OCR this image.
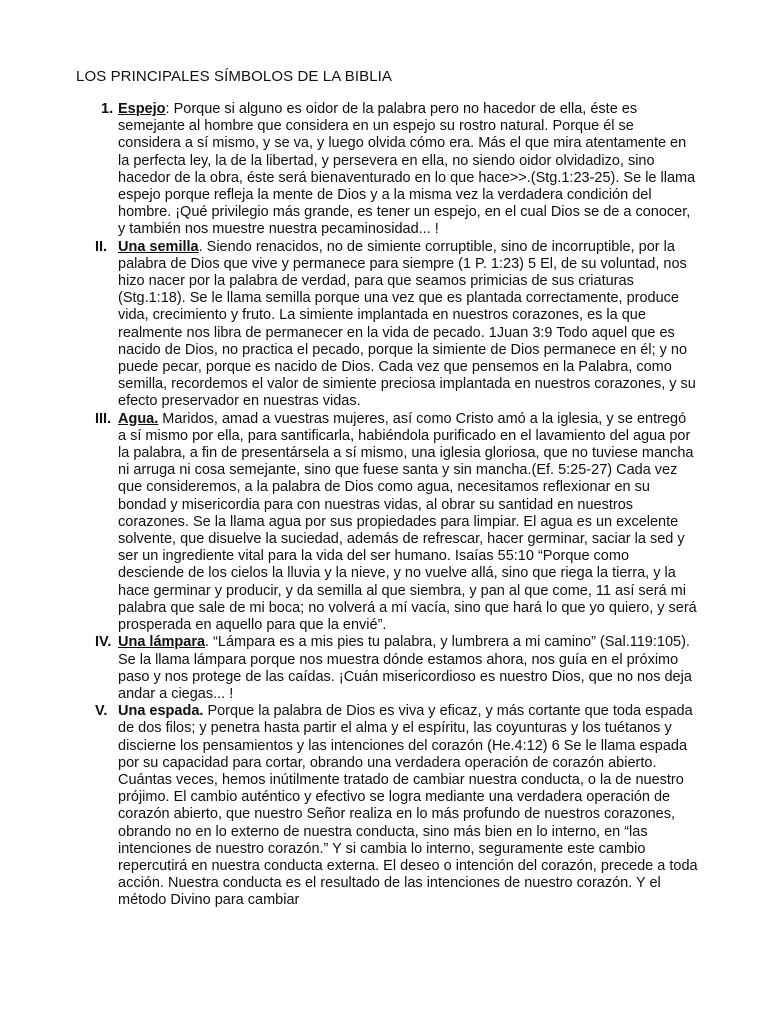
LOS PRINCIPALES SÍMBOLOS DE LA BIBLIA
1. Espejo: Porque si alguno es oidor de la palabra pero no hacedor de ella, éste es semejante al hombre que considera en un espejo su rostro natural. Porque él se considera a sí mismo, y se va, y luego olvida cómo era. Más el que mira atentamente en la perfecta ley, la de la libertad, y persevera en ella, no siendo oidor olvidadizo, sino hacedor de la obra, éste será bienaventurado en lo que hace>>.(Stg.1:23-25). Se le llama espejo porque refleja la mente de Dios y a la misma vez la verdadera condición del hombre. ¡Qué privilegio más grande, es tener un espejo, en el cual Dios se de a conocer, y también nos muestre nuestra pecaminosidad... !

II. Una semilla. Siendo renacidos, no de simiente corruptible, sino de incorruptible, por la palabra de Dios que vive y permanece para siempre (1 P. 1:23) 5 El, de su voluntad, nos hizo nacer por la palabra de verdad, para que seamos primicias de sus criaturas (Stg.1:18). Se le llama semilla porque una vez que es plantada correctamente, produce vida, crecimiento y fruto. La simiente implantada en nuestros corazones, es la que realmente nos libra de permanecer en la vida de pecado. 1Juan 3:9 Todo aquel que es nacido de Dios, no practica el pecado, porque la simiente de Dios permanece en él; y no puede pecar, porque es nacido de Dios. Cada vez que pensemos en la Palabra, como semilla, recordemos el valor de simiente preciosa implantada en nuestros corazones, y su efecto preservador en nuestras vidas.

III. Agua. Maridos, amad a vuestras mujeres, así como Cristo amó a la iglesia, y se entregó a sí mismo por ella, para santificarla, habiéndola purificado en el lavamiento del agua por la palabra, a fin de presentársela a sí mismo, una iglesia gloriosa, que no tuviese mancha ni arruga ni cosa semejante, sino que fuese santa y sin mancha.(Ef. 5:25-27) Cada vez que consideremos, a la palabra de Dios como agua, necesitamos reflexionar en su bondad y misericordia para con nuestras vidas, al obrar su santidad en nuestros corazones. Se la llama agua por sus propiedades para limpiar. El agua es un excelente solvente, que disuelve la suciedad, además de refrescar, hacer germinar, saciar la sed y ser un ingrediente vital para la vida del ser humano. Isaías 55:10 “Porque como desciende de los cielos la lluvia y la nieve, y no vuelve allá, sino que riega la tierra, y la hace germinar y producir, y da semilla al que siembra, y pan al que come, 11 así será mi palabra que sale de mi boca; no volverá a mí vacía, sino que hará lo que yo quiero, y será prosperada en aquello para que la envié”.

IV. Una lámpara. “Lámpara es a mis pies tu palabra, y lumbrera a mi camino” (Sal.119:105). Se la llama lámpara porque nos muestra dónde estamos ahora, nos guía en el próximo paso y nos protege de las caídas. ¡Cuán misericordioso es nuestro Dios, que no nos deja andar a ciegas... !

V. Una espada. Porque la palabra de Dios es viva y eficaz, y más cortante que toda espada de dos filos; y penetra hasta partir el alma y el espíritu, las coyunturas y los tuétanos y discierne los pensamientos y las intenciones del corazón (He.4:12) 6 Se le llama espada por su capacidad para cortar, obrando una verdadera operación de corazón abierto. Cuántas veces, hemos inútilmente tratado de cambiar nuestra conducta, o la de nuestro prójimo. El cambio auténtico y efectivo se logra mediante una verdadera operación de corazón abierto, que nuestro Señor realiza en lo más profundo de nuestros corazones, obrando no en lo externo de nuestra conducta, sino más bien en lo interno, en “las intenciones de nuestro corazón.” Y si cambia lo interno, seguramente este cambio repercutirá en nuestra conducta externa. El deseo o intención del corazón, precede a toda acción. Nuestra conducta es el resultado de las intenciones de nuestro corazón. Y el método Divino para cambiar
